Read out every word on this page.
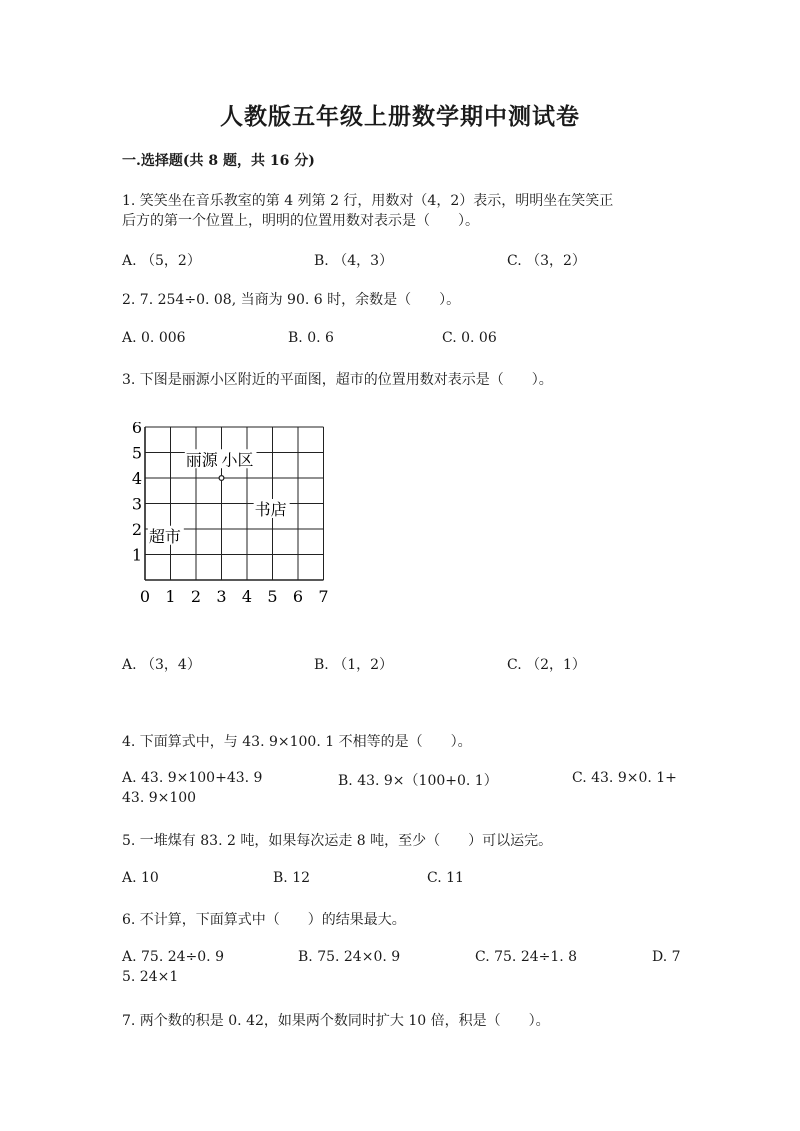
人教版五年级上册数学期中测试卷
一.选择题(共 8 题，共 16 分)
1. 笑笑坐在音乐教室的第 4 列第 2 行，用数对（4，2）表示，明明坐在笑笑正
后方的第一个位置上，明明的位置用数对表示是（　　）。
A. （5，2）	B. （4，3）	C. （3，2）
2. 7. 254÷0. 08, 当商为 90. 6 时，余数是（　　）。
A. 0. 006	B. 0. 6	C. 0. 06
3. 下图是丽源小区附近的平面图，超市的位置用数对表示是（　　）。
0 1 2 3 4 5 6 7
1
2
3
4
5
6
丽源 小区
书店
超市
A. （3，4）	B. （1，2）	C. （2，1）
4. 下面算式中，与 43. 9×100. 1 不相等的是（　　）。
A. 43. 9×100+43. 9	B. 43. 9×（100+0. 1）	C. 43. 9×0. 1+
43. 9×100
5. 一堆煤有 83. 2 吨，如果每次运走 8 吨，至少（　　）可以运完。
A. 10	B. 12	C. 11
6. 不计算，下面算式中（　　）的结果最大。
A. 75. 24÷0. 9	B. 75. 24×0. 9	C. 75. 24÷1. 8	D. 7
5. 24×1
7. 两个数的积是 0. 42，如果两个数同时扩大 10 倍，积是（　　）。
